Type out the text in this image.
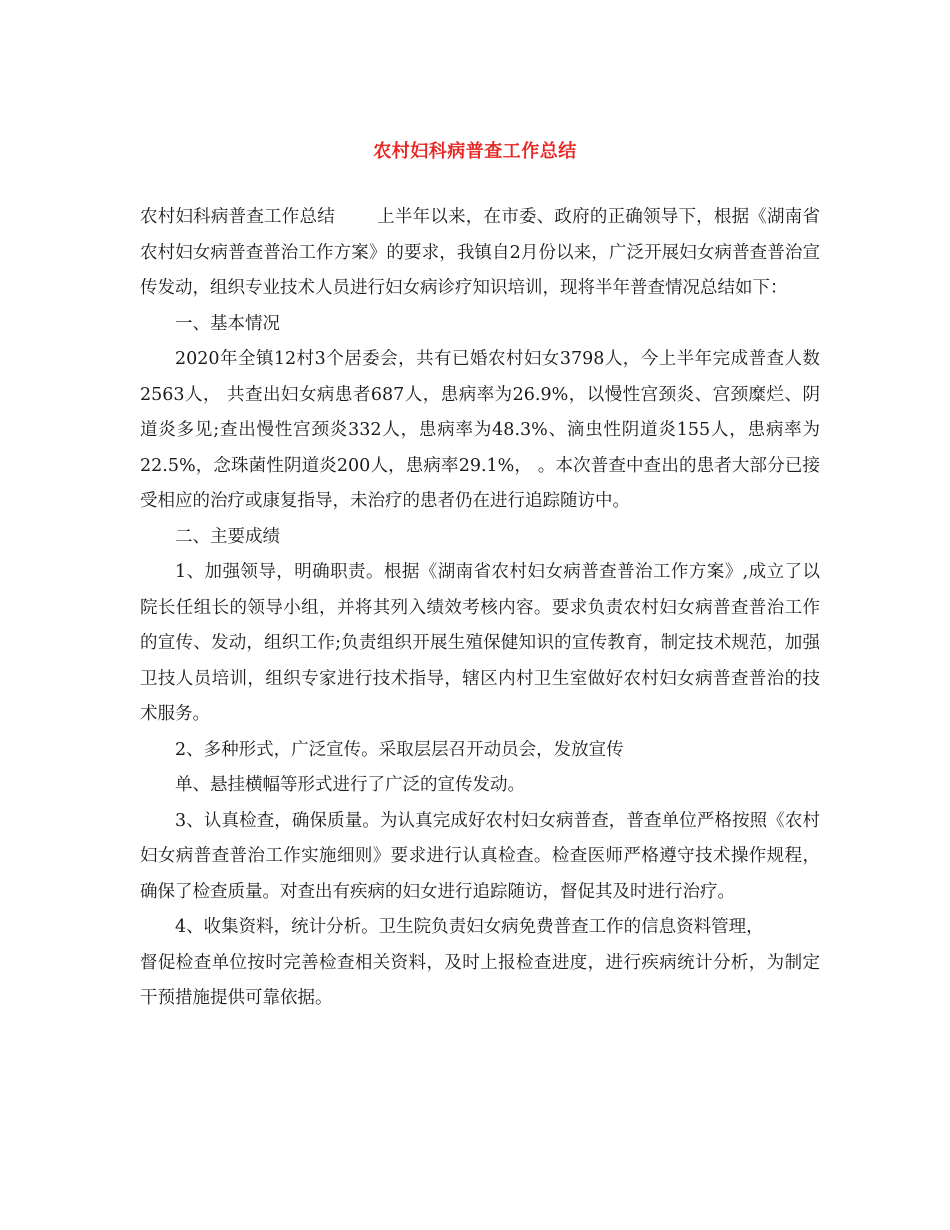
农村妇科病普查工作总结

农村妇科病普查工作总结 上半年以来，在市委、政府的正确领导下，根据《湖南省农村妇女病普查普治工作方案》的要求，我镇自2月份以来，广泛开展妇女病普查普治宣传发动，组织专业技术人员进行妇女病诊疗知识培训，现将半年普查情况总结如下：

一、基本情况

2020年全镇12村3个居委会，共有已婚农村妇女3798人，今上半年完成普查人数2563人， 共查出妇女病患者687人，患病率为26.9%，以慢性宫颈炎、宫颈糜烂、阴道炎多见;查出慢性宫颈炎332人，患病率为48.3%、滴虫性阴道炎155人，患病率为22.5%，念珠菌性阴道炎200人，患病率29.1%， 。本次普查中查出的患者大部分已接受相应的治疗或康复指导，未治疗的患者仍在进行追踪随访中。

二、主要成绩

1、加强领导，明确职责。根据《湖南省农村妇女病普查普治工作方案》,成立了以院长任组长的领导小组，并将其列入绩效考核内容。要求负责农村妇女病普查普治工作的宣传、发动，组织工作;负责组织开展生殖保健知识的宣传教育，制定技术规范，加强卫技人员培训，组织专家进行技术指导，辖区内村卫生室做好农村妇女病普查普治的技术服务。

2、多种形式，广泛宣传。采取层层召开动员会，发放宣传

单、悬挂横幅等形式进行了广泛的宣传发动。

3、认真检查，确保质量。为认真完成好农村妇女病普查，普查单位严格按照《农村妇女病普查普治工作实施细则》要求进行认真检查。检查医师严格遵守技术操作规程，确保了检查质量。对查出有疾病的妇女进行追踪随访，督促其及时进行治疗。

4、收集资料，统计分析。卫生院负责妇女病免费普查工作的信息资料管理，

督促检查单位按时完善检查相关资料，及时上报检查进度，进行疾病统计分析，为制定干预措施提供可靠依据。
